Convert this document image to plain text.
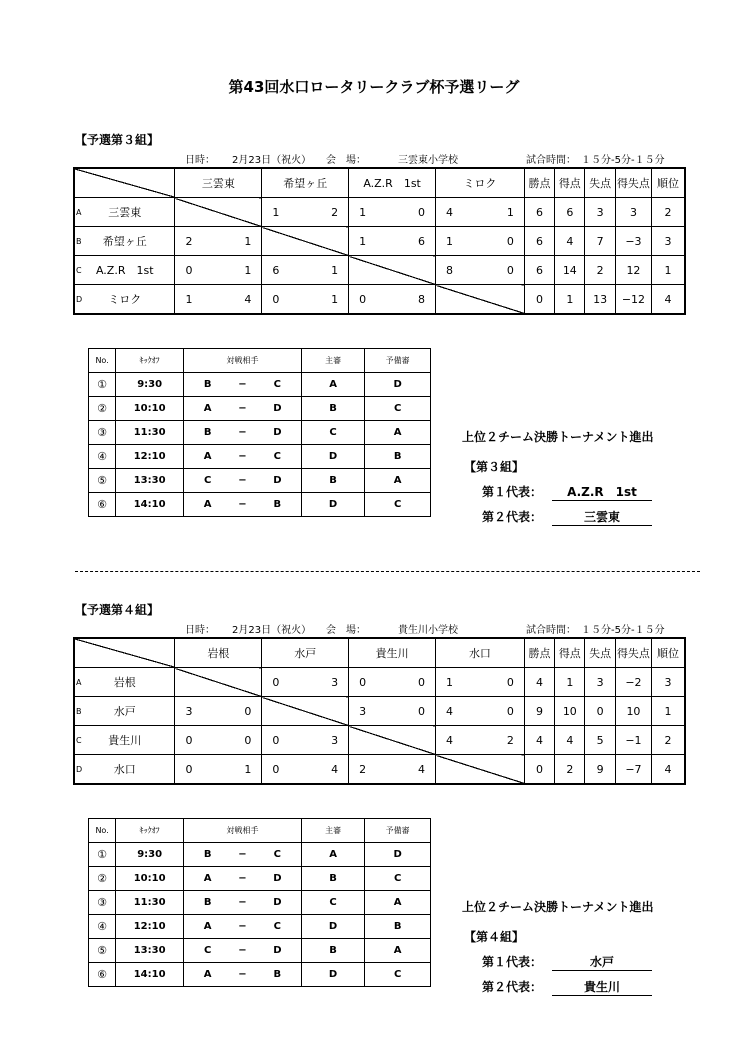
第43回水口ロータリークラブ杯予選リーグ
【予選第３組】
日時： 2月23日（祝火） 会　場：	三雲東小学校	試合時間：　１５分-5分-１５分
	三雲東	希望ヶ丘	A.Z.R　1st	ミロク	勝点	得点	失点	得失点	順位

A 三雲東		1 2	1 0	4 1	6	6	3	3	2

B 希望ヶ丘	2 1		1 6	1 0	6	4	7	−3	3

C A.Z.R　1st	0 1	6 1		8 0	6	14	2	12	1

D ミロク	1 4	0 1	0 8		0	1	13	−12	4
No.	ｷｯｸｵﾌ	対戦相手			主審	予備審
①	9:30	B	−	C	A	D
②	10:10	A	−	D	B	C
③	11:30	B	−	D	C	A
④	12:10	A	−	C	D	B
⑤	13:30	C	−	D	B	A
⑥	14:10	A	−	B	D	C
上位２チーム決勝トーナメント進出
【第３組】
第１代表：	A.Z.R　1st
第２代表：	三雲東
【予選第４組】
日時： 2月23日（祝火） 会　場：	貴生川小学校	試合時間：　１５分-5分-１５分
	岩根	水戸	貴生川	水口	勝点	得点	失点	得失点	順位

A 岩根		0 3	0 0	1 0	4	1	3	−2	3

B 水戸	3 0		3 0	4 0	9	10	0	10	1

C 貴生川	0 0	0 3		4 2	4	4	5	−1	2

D 水口	0 1	0 4	2 4		0	2	9	−7	4
No.	ｷｯｸｵﾌ	対戦相手			主審	予備審
①	9:30	B	−	C	A	D
②	10:10	A	−	D	B	C
③	11:30	B	−	D	C	A
④	12:10	A	−	C	D	B
⑤	13:30	C	−	D	B	A
⑥	14:10	A	−	B	D	C
上位２チーム決勝トーナメント進出
【第４組】
第１代表：	水戸
第２代表：	貴生川
